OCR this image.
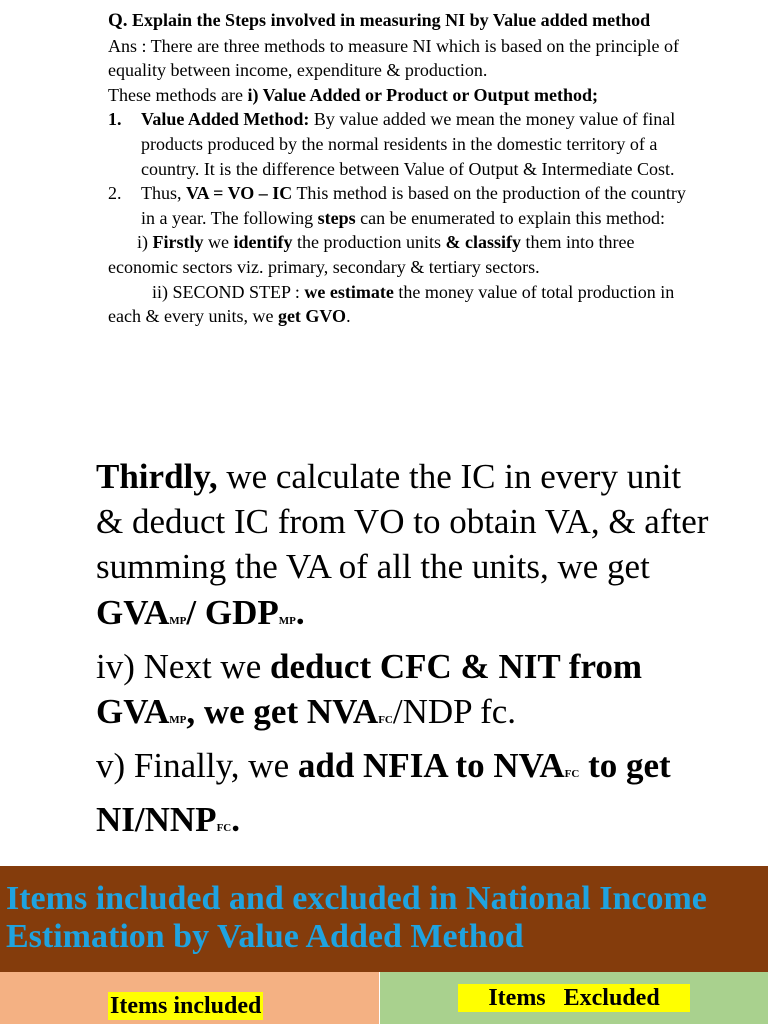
Q. Explain the Steps involved in measuring NI by Value added method

Ans : There are three methods to measure NI which is based on the principle of equality between income, expenditure & production.

These methods are i) Value Added or Product or Output method;

1. Value Added Method: By value added we mean the money value of final products produced by the normal residents in the domestic territory of a country. It is the difference between Value of Output & Intermediate Cost.

2. Thus, VA = VO – IC This method is based on the production of the country in a year. The following steps can be enumerated to explain this method:

i) Firstly we identify the production units & classify them into three economic sectors viz. primary, secondary & tertiary sectors.

ii) SECOND STEP : we estimate the money value of total production in each & every units, we get GVO.

Thirdly, we calculate the IC in every unit & deduct IC from VO to obtain VA, & after summing the VA of all the units, we get GVAMP/ GDPMP.

iv) Next we deduct CFC & NIT from GVAMP, we get NVAFC/NDP fc.

v) Finally, we add NFIA to NVAFC to get NI/NNPFC.

Items included and excluded in National Income Estimation by Value Added Method
Items included	Items   Excluded
